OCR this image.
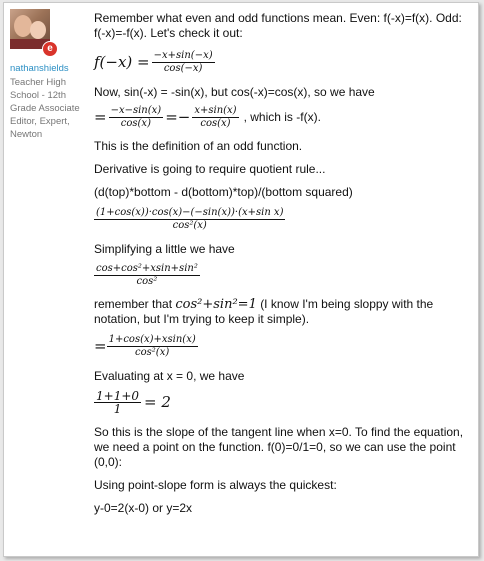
e
nathanshields
Teacher High School - 12th Grade Associate Editor, Expert, Newton

Remember what even and odd functions mean. Even: f(-x)=f(x). Odd: f(-x)=-f(x). Let's check it out:

$f(-x) = \frac{-x+\sin(-x)}{\cos(-x)}$

Now, sin(-x) = -sin(x), but cos(-x)=cos(x), so we have

= $\frac{-x-\sin(x)}{\cos(x)} =- \frac{x+\sin(x)}{\cos(x)}$ , which is -f(x).

This is the definition of an odd function.

Derivative is going to require quotient rule...

(d(top)*bottom - d(bottom)*top)/(bottom squared)

$\frac{\text{(1+cos(x))·cos(x)−(−sin(x))·(x+sin x)}}{\text{cos²(x)}}$

Simplifying a little we have

$\frac{\text{cos+cos²+xsin+sin²}}{\text{cos²}}$

remember that cos²+sin²=1 (I know I'm being sloppy with the notation, but I'm trying to keep it simple).

= $\frac{1+\cos(x)+xsin(x)}{\text{cos²(x)}}$

Evaluating at x = 0, we have

$\frac{1+1+0}{1} = 2$

So this is the slope of the tangent line when x=0. To find the equation, we need a point on the function. f(0)=0/1=0, so we can use the point (0,0):

Using point-slope form is always the quickest:

y-0=2(x-0) or y=2x
